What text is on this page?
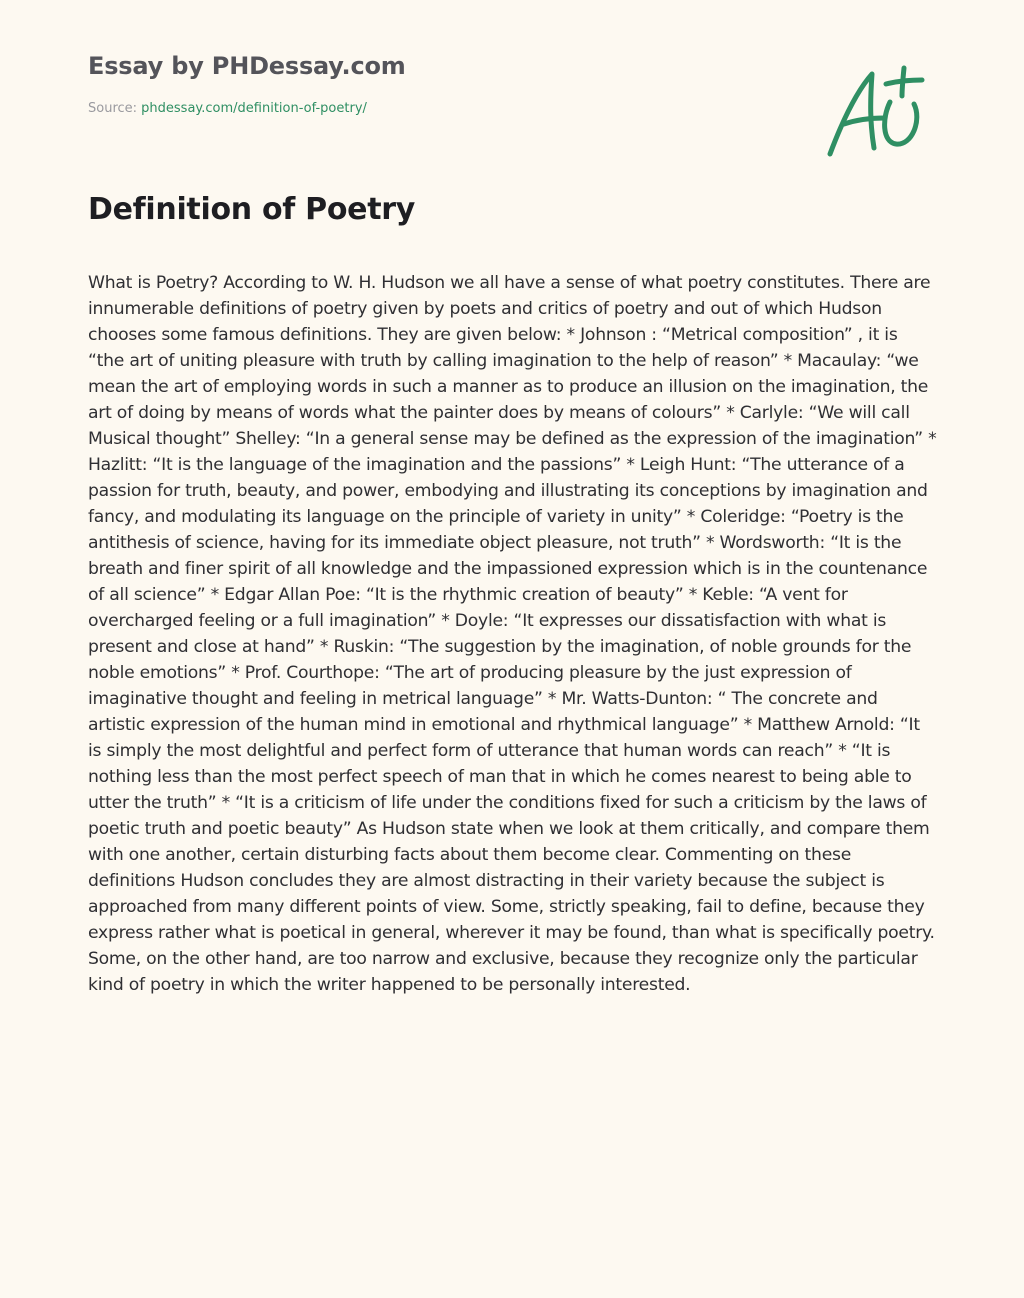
Essay by PHDessay.com
Source: phdessay.com/definition-of-poetry/
Definition of Poetry

What is Poetry? According to W. H. Hudson we all have a sense of what poetry constitutes. There are innumerable definitions of poetry given by poets and critics of poetry and out of which Hudson chooses some famous definitions. They are given below: * Johnson : “Metrical composition” , it is “the art of uniting pleasure with truth by calling imagination to the help of reason” * Macaulay: “we mean the art of employing words in such a manner as to produce an illusion on the imagination, the art of doing by means of words what the painter does by means of colours” * Carlyle: “We will call Musical thought” Shelley: “In a general sense may be defined as the expression of the imagination” * Hazlitt: “It is the language of the imagination and the passions” * Leigh Hunt: “The utterance of a passion for truth, beauty, and power, embodying and illustrating its conceptions by imagination and fancy, and modulating its language on the principle of variety in unity” * Coleridge: “Poetry is the antithesis of science, having for its immediate object pleasure, not truth” * Wordsworth: “It is the breath and finer spirit of all knowledge and the impassioned expression which is in the countenance of all science” * Edgar Allan Poe: “It is the rhythmic creation of beauty” * Keble: “A vent for overcharged feeling or a full imagination” * Doyle: “It expresses our dissatisfaction with what is present and close at hand” * Ruskin: “The suggestion by the imagination, of noble grounds for the noble emotions” * Prof. Courthope: “The art of producing pleasure by the just expression of imaginative thought and feeling in metrical language” * Mr. Watts-Dunton: “ The concrete and artistic expression of the human mind in emotional and rhythmical language” * Matthew Arnold: “It is simply the most delightful and perfect form of utterance that human words can reach” * “It is nothing less than the most perfect speech of man that in which he comes nearest to being able to utter the truth” * “It is a criticism of life under the conditions fixed for such a criticism by the laws of poetic truth and poetic beauty” As Hudson state when we look at them critically, and compare them with one another, certain disturbing facts about them become clear. Commenting on these definitions Hudson concludes they are almost distracting in their variety because the subject is approached from many different points of view. Some, strictly speaking, fail to define, because they express rather what is poetical in general, wherever it may be found, than what is specifically poetry. Some, on the other hand, are too narrow and exclusive, because they recognize only the particular kind of poetry in which the writer happened to be personally interested.
